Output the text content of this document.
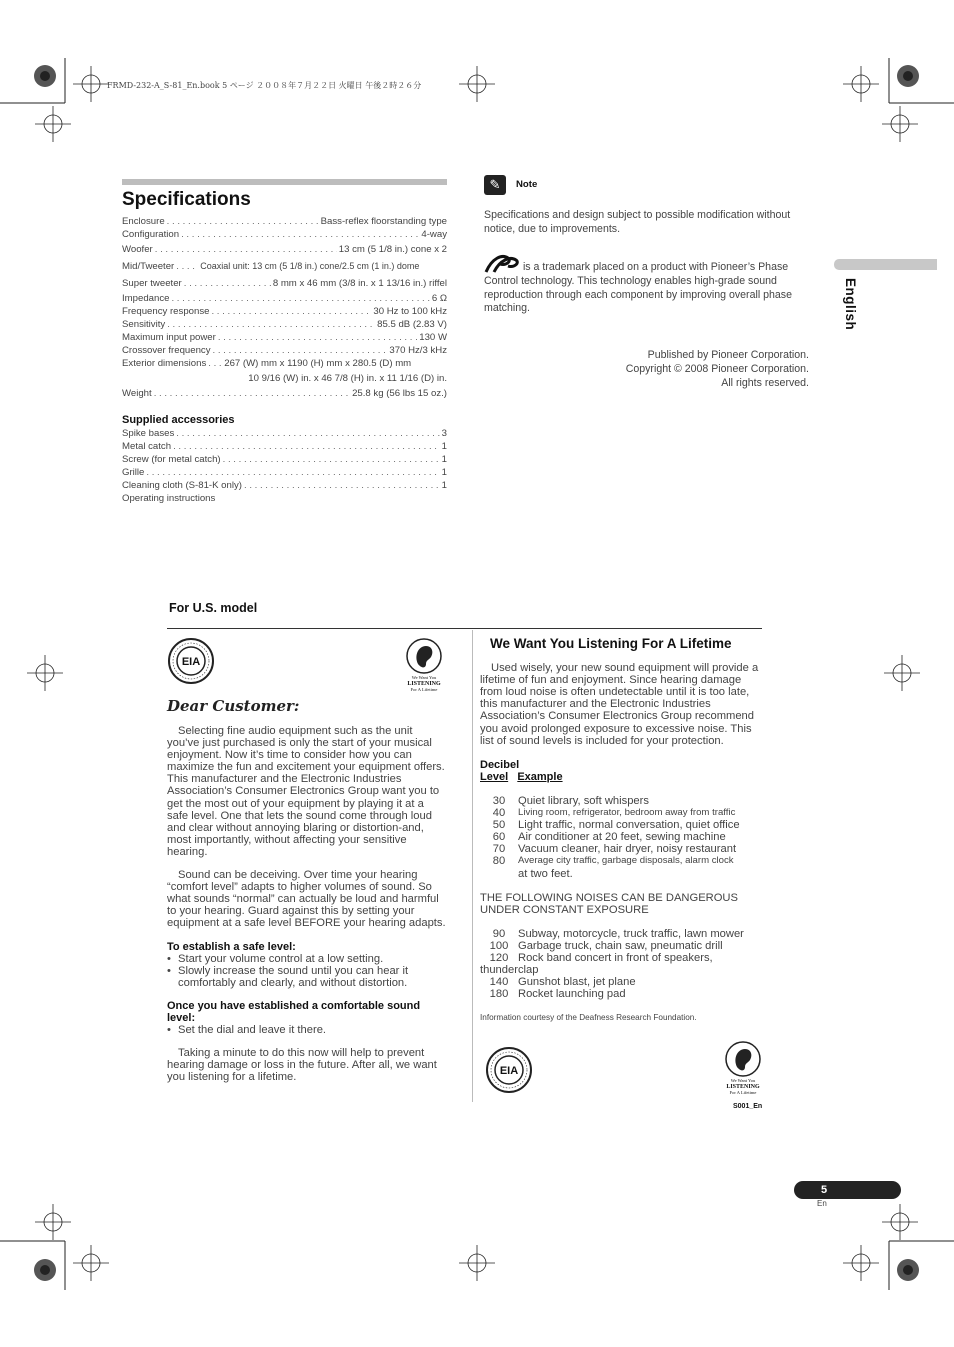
FRMD-232-A_S-81_En.book 5 ページ ２００８年７月２２日 火曜日 午後２時２６分
Specifications
Enclosure . . .	Bass-reflex floorstanding type
Configuration . . .	4-way
Woofer . . .	13 cm (5 1/8 in.) cone x 2
Mid/Tweeter . . .	Coaxial unit: 13 cm (5 1/8 in.) cone/2.5 cm (1 in.) dome
Super tweeter . . .	8 mm x 46 mm (3/8 in. x 1 13/16 in.) riffel
Impedance . . .	6 Ω
Frequency response . . .	30 Hz to 100 kHz
Sensitivity . . .	85.5 dB (2.83 V)
Maximum input power . . .	130 W
Crossover frequency . . .	370 Hz/3 kHz
Exterior dimensions . . . 267 (W) mm x 1190 (H) mm x 280.5 (D) mm
10 9/16 (W) in. x 46 7/8 (H) in. x 11 1/16 (D) in.
Weight . . .	25.8 kg (56 lbs 15 oz.)
Supplied accessories
Spike bases . . .	3
Metal catch . . .	1
Screw (for metal catch) . . .	1
Grille . . .	1
Cleaning cloth (S-81-K only) . . .	1
Operating instructions
✎	Note
Specifications and design subject to possible modification without notice, due to improvements.
is a trademark placed on a product with Pioneer’s Phase Control technology. This technology enables high-grade sound reproduction through each component by improving overall phase matching.
Published by Pioneer Corporation.
Copyright © 2008 Pioneer Corporation.
All rights reserved.
English
For U.S. model
EIA
We Want You
LISTENING
For A Lifetime
Dear Customer:

Selecting fine audio equipment such as the unit you’ve just purchased is only the start of your musical enjoyment. Now it’s time to consider how you can maximize the fun and excitement your equipment offers. This manufacturer and the Electronic Industries Association’s Consumer Electronics Group want you to get the most out of your equipment by playing it at a safe level. One that lets the sound come through loud and clear without annoying blaring or distortion-and, most importantly, without affecting your sensitive hearing.

Sound can be deceiving. Over time your hearing “comfort level” adapts to higher volumes of sound. So what sounds “normal” can actually be loud and harmful to your hearing. Guard against this by setting your equipment at a safe level BEFORE your hearing adapts.

To establish a safe level:
• Start your volume control at a low setting.
• Slowly increase the sound until you can hear it comfortably and clearly, and without distortion.
Once you have established a comfortable sound level:
• Set the dial and leave it there.

Taking a minute to do this now will help to prevent hearing damage or loss in the future. After all, we want you listening for a lifetime.

We Want You Listening For A Lifetime

Used wisely, your new sound equipment will provide a lifetime of fun and enjoyment. Since hearing damage from loud noise is often undetectable until it is too late, this manufacturer and the Electronic Industries Association’s Consumer Electronics Group recommend you avoid prolonged exposure to excessive noise. This list of sound levels is included for your protection.

Decibel
Level Example
30	Quiet library, soft whispers
40	Living room, refrigerator, bedroom away from traffic
50	Light traffic, normal conversation, quiet office
60	Air conditioner at 20 feet, sewing machine
70	Vacuum cleaner, hair dryer, noisy restaurant
80	Average city traffic, garbage disposals, alarm clock
at two feet.

THE FOLLOWING NOISES CAN BE DANGEROUS UNDER CONSTANT EXPOSURE

90	Subway, motorcycle, truck traffic, lawn mower
100 Garbage truck, chain saw, pneumatic drill
120 Rock band concert in front of speakers,
thunderclap
140 Gunshot blast, jet plane
180 Rocket launching pad
Information courtesy of the Deafness Research Foundation.
EIA
We Want You
LISTENING
For A Lifetime
S001_En
5
En
